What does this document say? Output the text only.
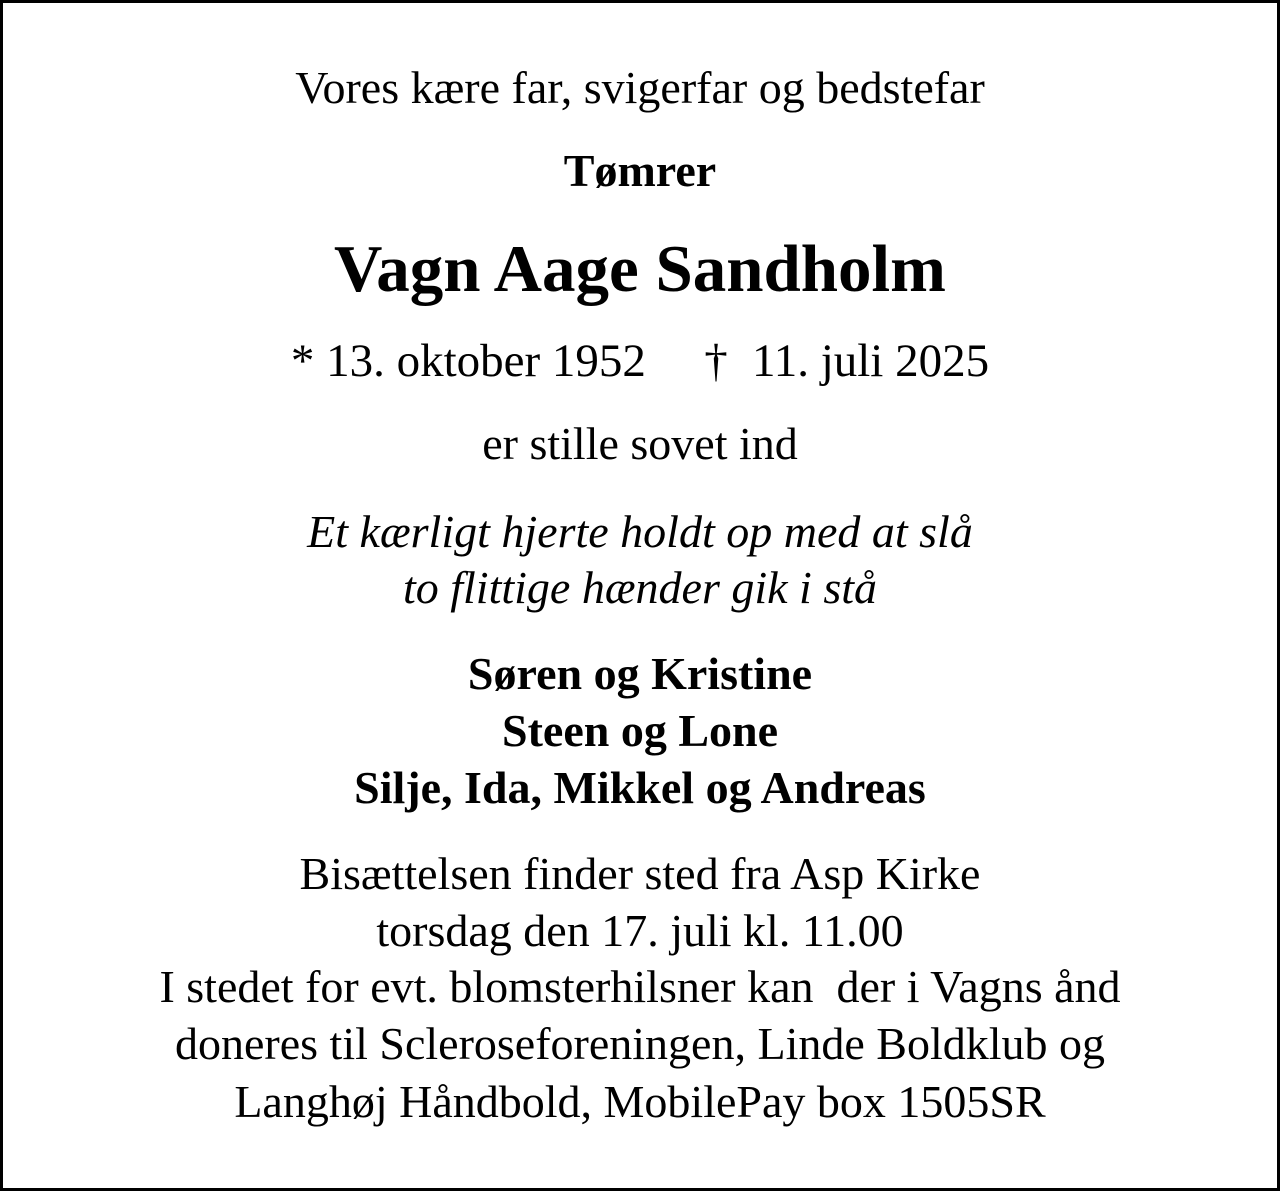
Vores kære far, svigerfar og bedstefar
Tømrer
Vagn Aage Sandholm
* 13. oktober 1952 † 11. juli 2025
er stille sovet ind
Et kærligt hjerte holdt op med at slå
to flittige hænder gik i stå
Søren og Kristine
Steen og Lone
Silje, Ida, Mikkel og Andreas
Bisættelsen finder sted fra Asp Kirke
torsdag den 17. juli kl. 11.00
I stedet for evt. blomsterhilsner kan  der i Vagns ånd
doneres til Scleroseforeningen, Linde Boldklub og
Langhøj Håndbold, MobilePay box 1505SR
